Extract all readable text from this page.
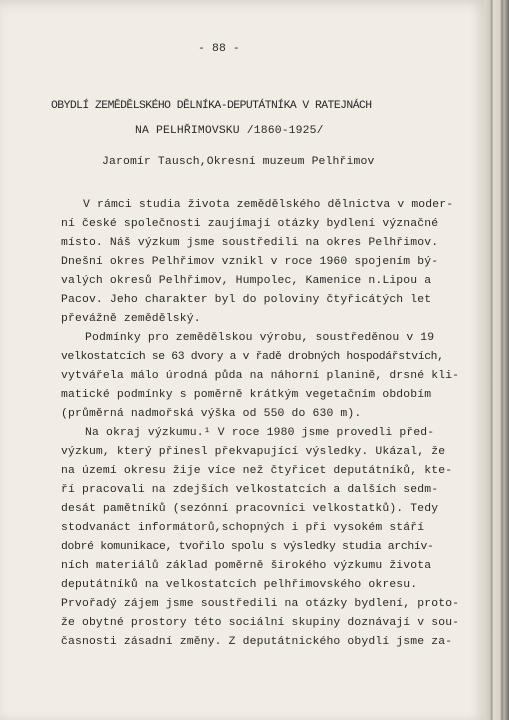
- 88 -
OBYDLÍ ZEMĚDĚLSKÉHO DĚLNÍKA-DEPUTÁTNÍKA V RATEJNÁCH
NA PELHŘIMOVSKU /1860-1925/
Jaromír Tausch,Okresní muzeum Pelhřimov
V rámci studia života zemědělského dělnictva v moder-
ní české společnosti zaujímají otázky bydlení význačné
místo. Náš výzkum jsme soustředili na okres Pelhřimov.
Dnešní okres Pelhřimov vznikl v roce 1960 spojením bý-
valých okresů Pelhřimov, Humpolec, Kamenice n.Lipou a
Pacov. Jeho charakter byl do poloviny čtyřicátých let
převážně zemědělský.
Podmínky pro zemědělskou výrobu, soustředěnou v 19
velkostatcích se 63 dvory a v řadě drobných hospodářstvích,
vytvářela málo úrodná půda na náhorní planině, drsné kli-
matické podmínky s poměrně krátkým vegetačním obdobím
(průměrná nadmořská výška od 550 do 630 m).
Na okraj výzkumu.¹ V roce 1980 jsme provedli před-
výzkum, který přinesl překvapující výsledky. Ukázal, že
na území okresu žije více než čtyřicet deputátníků, kte-
ří pracovali na zdejších velkostatcích a dalších sedm-
desát pamětníků (sezónní pracovníci velkostatků). Tedy
stodvanáct informátorů,schopných i při vysokém stáří
dobré komunikace, tvořilo spolu s výsledky studia archív-
ních materiálů základ poměrně širokého výzkumu života
deputátníků na velkostatcích pelhřimovského okresu.
Prvořadý zájem jsme soustředili na otázky bydlení, proto-
že obytné prostory této sociální skupiny doznávají v sou-
časnosti zásadní změny. Z deputátnického obydlí jsme za-
